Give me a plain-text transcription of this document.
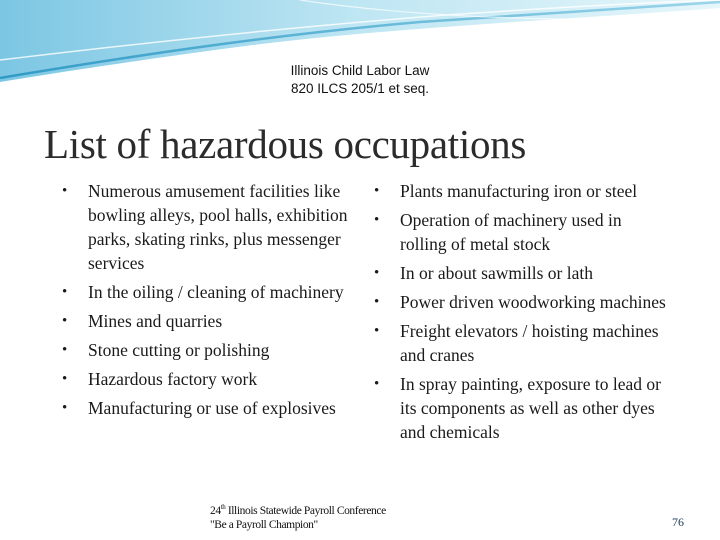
Illinois Child Labor Law
820 ILCS 205/1 et seq.
List of hazardous occupations
• Numerous amusement facilities like bowling alleys, pool halls, exhibition parks, skating rinks, plus messenger services
• In the oiling / cleaning of machinery
• Mines and quarries
• Stone cutting or polishing
• Hazardous factory work
• Manufacturing or use of explosives
• Plants manufacturing iron or steel
• Operation of machinery used in rolling of metal stock
• In or about sawmills or lath
• Power driven woodworking machines
• Freight elevators / hoisting machines and cranes
• In spray painting, exposure to lead or its components as well as other dyes and chemicals
24th Illinois Statewide Payroll Conference
"Be a Payroll Champion"	76
